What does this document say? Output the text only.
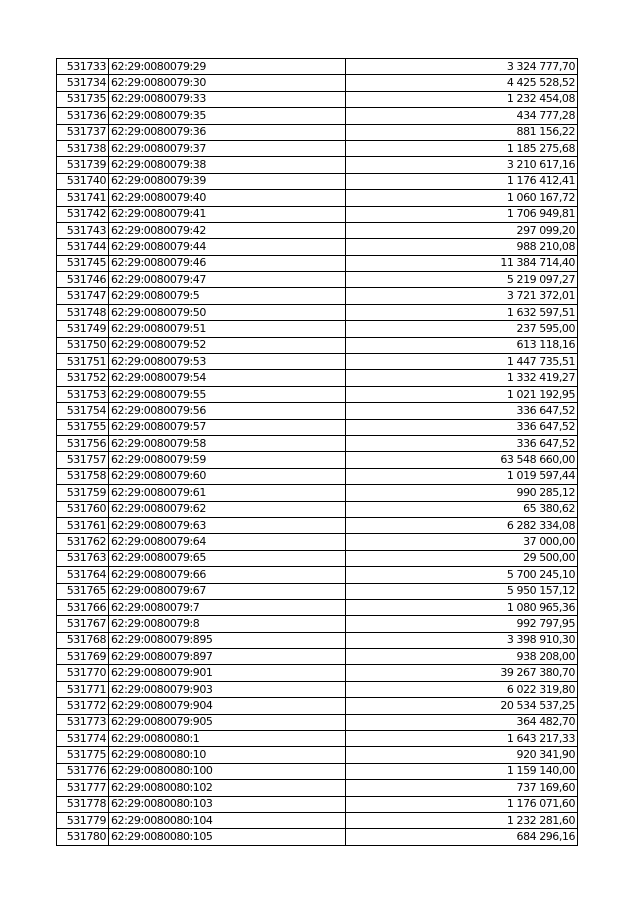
531733	62:29:0080079:29	3 324 777,70
531734	62:29:0080079:30	4 425 528,52
531735	62:29:0080079:33	1 232 454,08
531736	62:29:0080079:35	434 777,28
531737	62:29:0080079:36	881 156,22
531738	62:29:0080079:37	1 185 275,68
531739	62:29:0080079:38	3 210 617,16
531740	62:29:0080079:39	1 176 412,41
531741	62:29:0080079:40	1 060 167,72
531742	62:29:0080079:41	1 706 949,81
531743	62:29:0080079:42	297 099,20
531744	62:29:0080079:44	988 210,08
531745	62:29:0080079:46	11 384 714,40
531746	62:29:0080079:47	5 219 097,27
531747	62:29:0080079:5	3 721 372,01
531748	62:29:0080079:50	1 632 597,51
531749	62:29:0080079:51	237 595,00
531750	62:29:0080079:52	613 118,16
531751	62:29:0080079:53	1 447 735,51
531752	62:29:0080079:54	1 332 419,27
531753	62:29:0080079:55	1 021 192,95
531754	62:29:0080079:56	336 647,52
531755	62:29:0080079:57	336 647,52
531756	62:29:0080079:58	336 647,52
531757	62:29:0080079:59	63 548 660,00
531758	62:29:0080079:60	1 019 597,44
531759	62:29:0080079:61	990 285,12
531760	62:29:0080079:62	65 380,62
531761	62:29:0080079:63	6 282 334,08
531762	62:29:0080079:64	37 000,00
531763	62:29:0080079:65	29 500,00
531764	62:29:0080079:66	5 700 245,10
531765	62:29:0080079:67	5 950 157,12
531766	62:29:0080079:7	1 080 965,36
531767	62:29:0080079:8	992 797,95
531768	62:29:0080079:895	3 398 910,30
531769	62:29:0080079:897	938 208,00
531770	62:29:0080079:901	39 267 380,70
531771	62:29:0080079:903	6 022 319,80
531772	62:29:0080079:904	20 534 537,25
531773	62:29:0080079:905	364 482,70
531774	62:29:0080080:1	1 643 217,33
531775	62:29:0080080:10	920 341,90
531776	62:29:0080080:100	1 159 140,00
531777	62:29:0080080:102	737 169,60
531778	62:29:0080080:103	1 176 071,60
531779	62:29:0080080:104	1 232 281,60
531780	62:29:0080080:105	684 296,16
